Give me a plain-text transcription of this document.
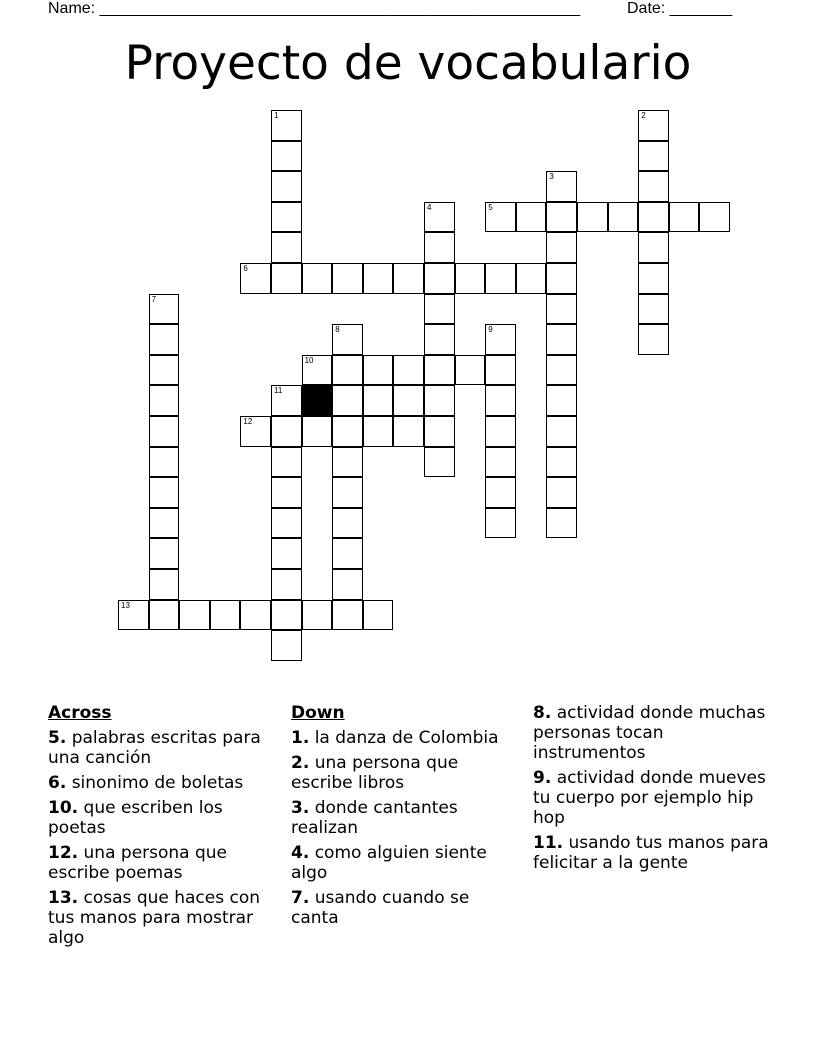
Name: ______________________________________________________	Date: _______
Proyecto de vocabulario
1	2
3
4	5
6
7
8	9
10
11
12
13
Across
5. palabras escritas para una canción
6. sinonimo de boletas
10. que escriben los poetas
12. una persona que escribe poemas
13. cosas que haces con tus manos para mostrar algo
Down
1. la danza de Colombia
2. una persona que escribe libros
3. donde cantantes realizan
4. como alguien siente algo
7. usando cuando se canta
8. actividad donde muchas personas tocan instrumentos
9. actividad donde mueves tu cuerpo por ejemplo hip hop
11. usando tus manos para felicitar a la gente
